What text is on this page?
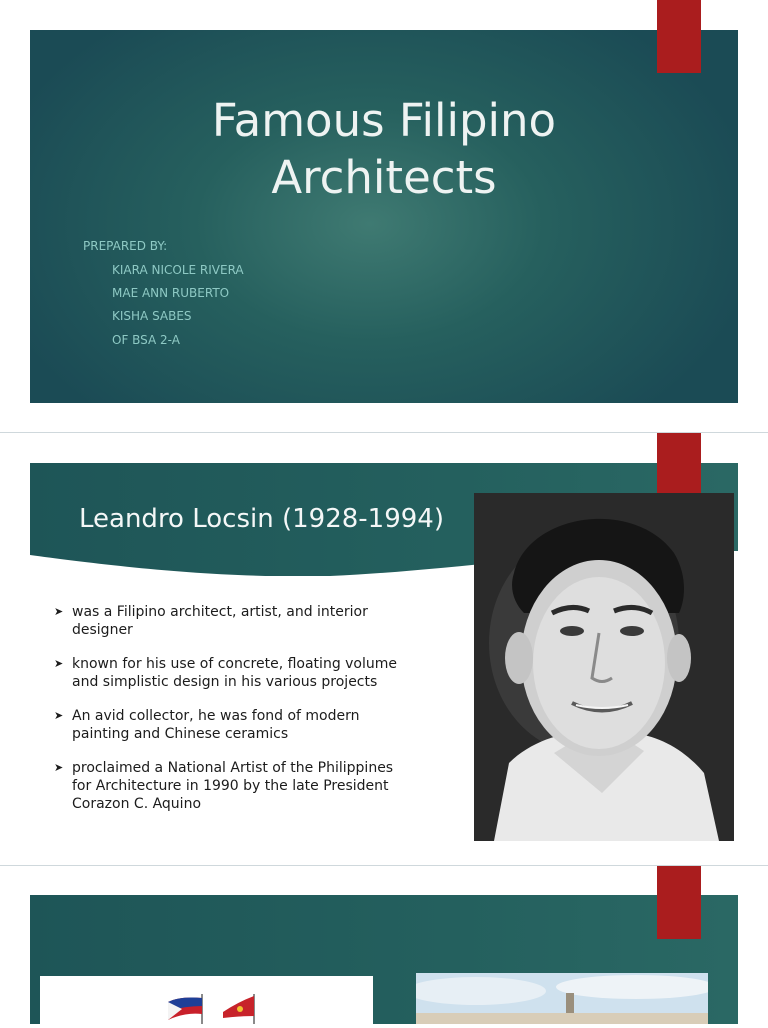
Famous Filipino
Architects
PREPARED BY:
KIARA NICOLE RIVERA
MAE ANN RUBERTO
KISHA SABES
OF BSA 2-A
Leandro Locsin (1928-1994)
➤ was a Filipino architect, artist, and interior designer
➤ known for his use of concrete, floating volume and simplistic design in his various projects
➤ An avid collector, he was fond of modern painting and Chinese ceramics
➤ proclaimed a National Artist of the Philippines for Architecture in 1990 by the late President Corazon C. Aquino
